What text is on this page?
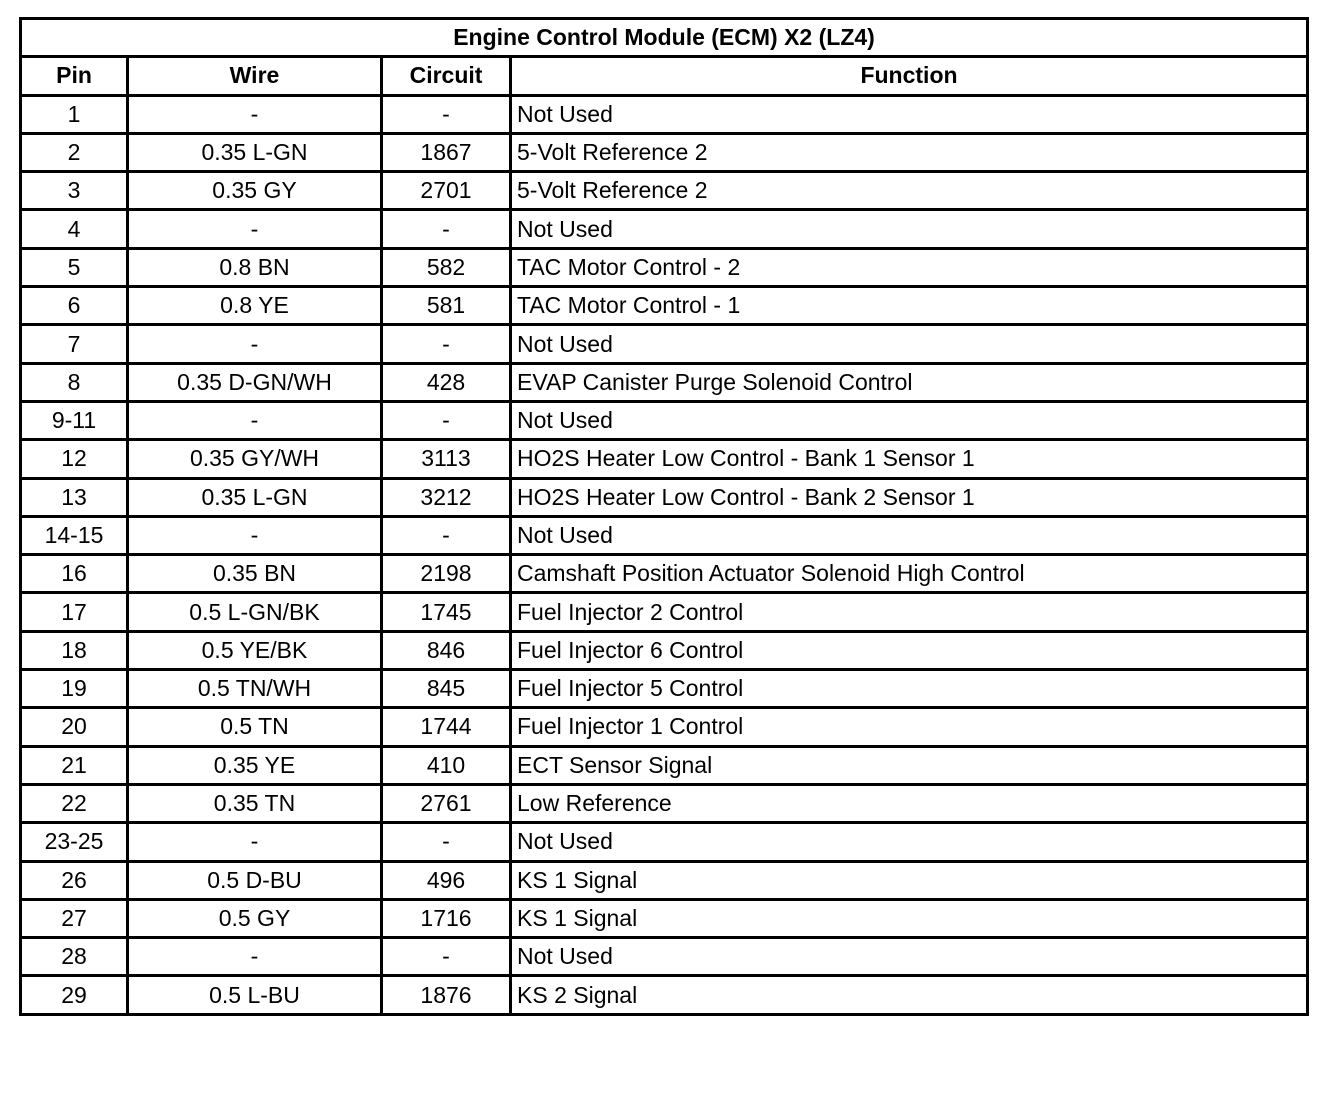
Engine Control Module (ECM) X2 (LZ4)			
Pin	Wire	Circuit	Function
1	-	-	Not Used
2	0.35 L-GN	1867	5-Volt Reference 2
3	0.35 GY	2701	5-Volt Reference 2
4	-	-	Not Used
5	0.8 BN	582	TAC Motor Control - 2
6	0.8 YE	581	TAC Motor Control - 1
7	-	-	Not Used
8	0.35 D-GN/WH	428	EVAP Canister Purge Solenoid Control
9-11	-	-	Not Used
12	0.35 GY/WH	3113	HO2S Heater Low Control - Bank 1 Sensor 1
13	0.35 L-GN	3212	HO2S Heater Low Control - Bank 2 Sensor 1
14-15	-	-	Not Used
16	0.35 BN	2198	Camshaft Position Actuator Solenoid High Control
17	0.5 L-GN/BK	1745	Fuel Injector 2 Control
18	0.5 YE/BK	846	Fuel Injector 6 Control
19	0.5 TN/WH	845	Fuel Injector 5 Control
20	0.5 TN	1744	Fuel Injector 1 Control
21	0.35 YE	410	ECT Sensor Signal
22	0.35 TN	2761	Low Reference
23-25	-	-	Not Used
26	0.5 D-BU	496	KS 1 Signal
27	0.5 GY	1716	KS 1 Signal
28	-	-	Not Used
29	0.5 L-BU	1876	KS 2 Signal
